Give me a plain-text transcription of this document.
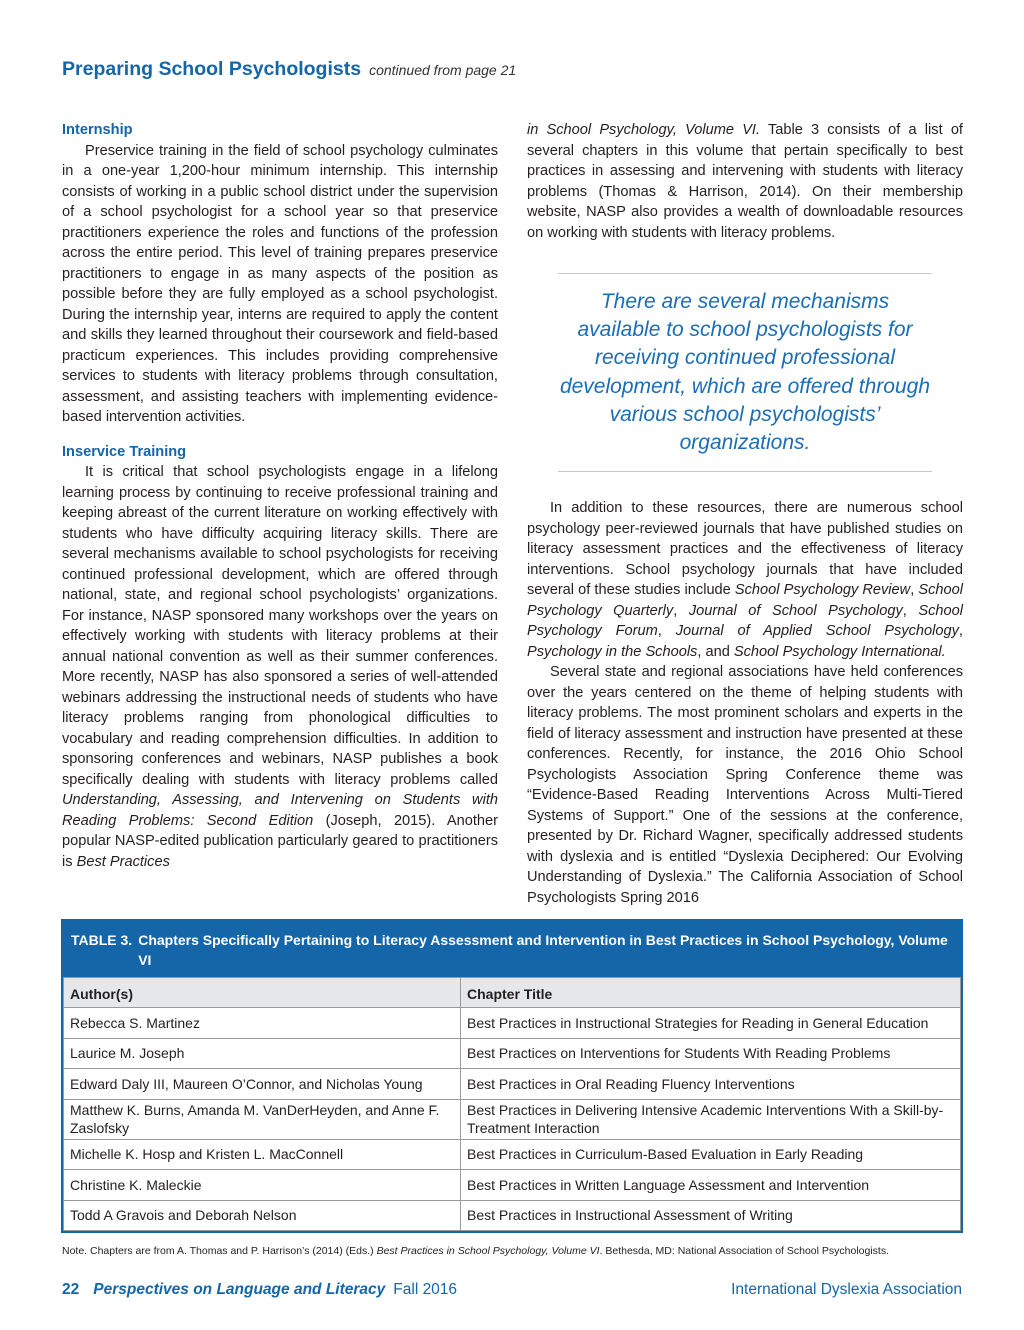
Preparing School Psychologists continued from page 21
Internship

Preservice training in the field of school psychology culminates in a one-year 1,200-hour minimum internship. This internship consists of working in a public school district under the supervision of a school psychologist for a school year so that preservice practitioners experience the roles and functions of the profession across the entire period. This level of training prepares preservice practitioners to engage in as many aspects of the position as possible before they are fully employed as a school psychologist. During the internship year, interns are required to apply the content and skills they learned throughout their coursework and field-based practicum experiences. This includes providing comprehensive services to students with literacy problems through consultation, assessment, and assisting teachers with implementing evidence-based intervention activities.

Inservice Training

It is critical that school psychologists engage in a lifelong learning process by continuing to receive professional training and keeping abreast of the current literature on working effectively with students who have difficulty acquiring literacy skills. There are several mechanisms available to school psychologists for receiving continued professional development, which are offered through national, state, and regional school psychologists’ organizations. For instance, NASP sponsored many workshops over the years on effectively working with students with literacy problems at their annual national convention as well as their summer conferences. More recently, NASP has also sponsored a series of well-attended webinars addressing the instructional needs of students who have literacy problems ranging from phonological difficulties to vocabulary and reading comprehension difficulties. In addition to sponsoring conferences and webinars, NASP publishes a book specifically dealing with students with literacy problems called Understanding, Assessing, and Intervening on Students with Reading Problems: Second Edition (Joseph, 2015). Another popular NASP-edited publication particularly geared to practitioners is Best Practices

in School Psychology, Volume VI. Table 3 consists of a list of several chapters in this volume that pertain specifically to best practices in assessing and intervening with students with literacy problems (Thomas & Harrison, 2014). On their membership website, NASP also provides a wealth of downloadable resources on working with students with literacy problems.

There are several mechanisms available to school psychologists for receiving continued professional development, which are offered through various school psychologists’ organizations.

In addition to these resources, there are numerous school psychology peer-reviewed journals that have published studies on literacy assessment practices and the effectiveness of literacy interventions. School psychology journals that have included several of these studies include School Psychology Review, School Psychology Quarterly, Journal of School Psychology, School Psychology Forum, Journal of Applied School Psychology, Psychology in the Schools, and School Psychology International.

Several state and regional associations have held conferences over the years centered on the theme of helping students with literacy problems. The most prominent scholars and experts in the field of literacy assessment and instruction have presented at these conferences. Recently, for instance, the 2016 Ohio School Psychologists Association Spring Conference theme was “Evidence-Based Reading Interventions Across Multi-Tiered Systems of Support.” One of the sessions at the conference, presented by Dr. Richard Wagner, specifically addressed students with dyslexia and is entitled “Dyslexia Deciphered: Our Evolving Understanding of Dyslexia.” The California Association of School Psychologists Spring 2016

TABLE 3. Chapters Specifically Pertaining to Literacy Assessment and Intervention in Best Practices in School Psychology, Volume VI
Author(s)	Chapter Title
Rebecca S. Martinez	Best Practices in Instructional Strategies for Reading in General Education
Laurice M. Joseph	Best Practices on Interventions for Students With Reading Problems
Edward Daly III, Maureen O’Connor, and Nicholas Young	Best Practices in Oral Reading Fluency Interventions
Matthew K. Burns, Amanda M. VanDerHeyden, and Anne F. Zaslofsky	Best Practices in Delivering Intensive Academic Interventions With a Skill-by-Treatment Interaction
Michelle K. Hosp and Kristen L. MacConnell	Best Practices in Curriculum-Based Evaluation in Early Reading
Christine K. Maleckie	Best Practices in Written Language Assessment and Intervention
Todd A Gravois and Deborah Nelson	Best Practices in Instructional Assessment of Writing
Note. Chapters are from A. Thomas and P. Harrison’s (2014) (Eds.) Best Practices in School Psychology, Volume VI. Bethesda, MD: National Association of School Psychologists.
22 Perspectives on Language and Literacy Fall 2016	International Dyslexia Association
